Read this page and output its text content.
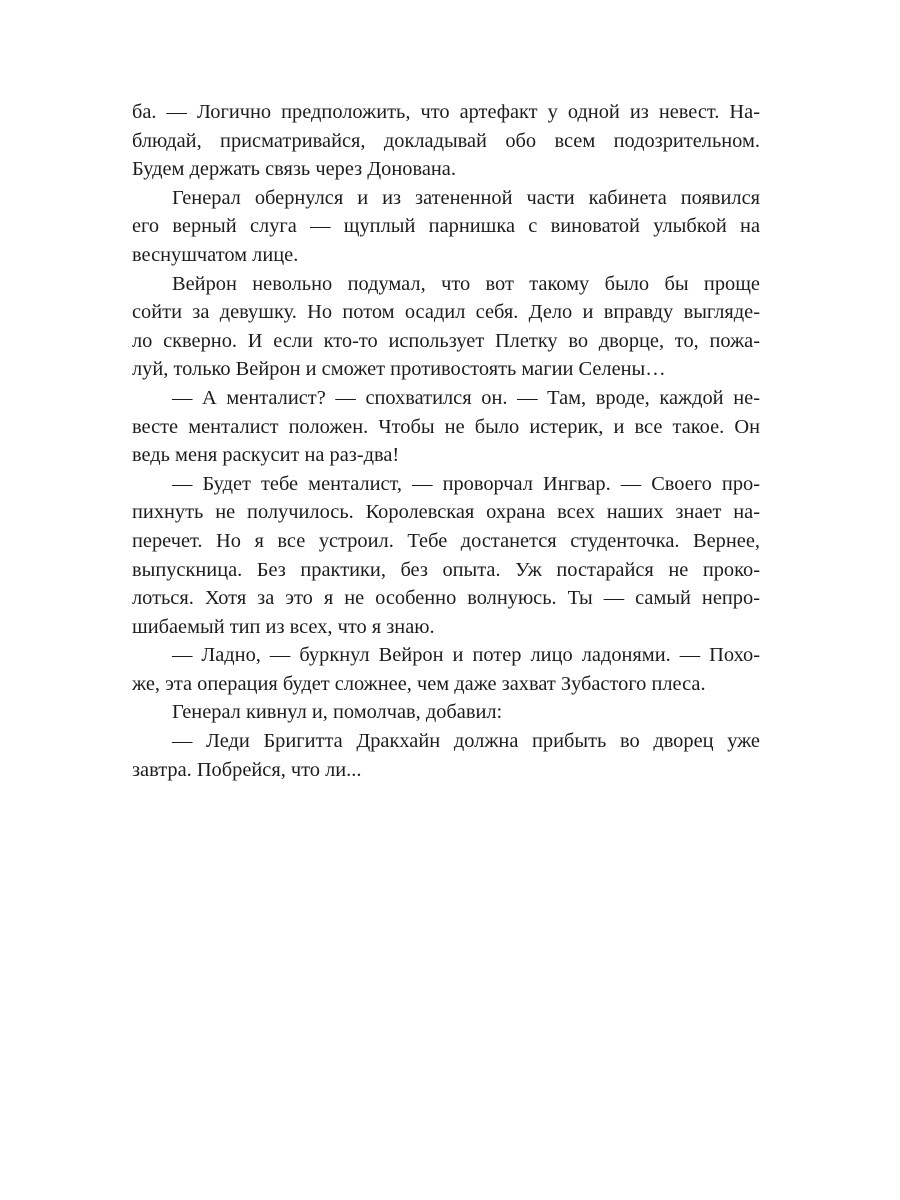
ба. — Логично предположить, что артефакт у одной из невест. На-
блюдай, присматривайся, докладывай обо всем подозрительном.
Будем держать связь через Донована.
Генерал обернулся и из затененной части кабинета появился
его верный слуга — щуплый парнишка с виноватой улыбкой на
веснушчатом лице.
Вейрон невольно подумал, что вот такому было бы проще
сойти за девушку. Но потом осадил себя. Дело и вправду выгляде-
ло скверно. И если кто-то использует Плетку во дворце, то, пожа-
луй, только Вейрон и сможет противостоять магии Селены…
— А менталист? — спохватился он. — Там, вроде, каждой не-
весте менталист положен. Чтобы не было истерик, и все такое. Он
ведь меня раскусит на раз-два!
— Будет тебе менталист, — проворчал Ингвар. — Своего про-
пихнуть не получилось. Королевская охрана всех наших знает на-
перечет. Но я все устроил. Тебе достанется студенточка. Вернее,
выпускница. Без практики, без опыта. Уж постарайся не проко-
лоться. Хотя за это я не особенно волнуюсь. Ты — самый непро-
шибаемый тип из всех, что я знаю.
— Ладно, — буркнул Вейрон и потер лицо ладонями. — Похо-
же, эта операция будет сложнее, чем даже захват Зубастого плеса.
Генерал кивнул и, помолчав, добавил:
— Леди Бригитта Дракхайн должна прибыть во дворец уже
завтра. Побрейся, что ли...
